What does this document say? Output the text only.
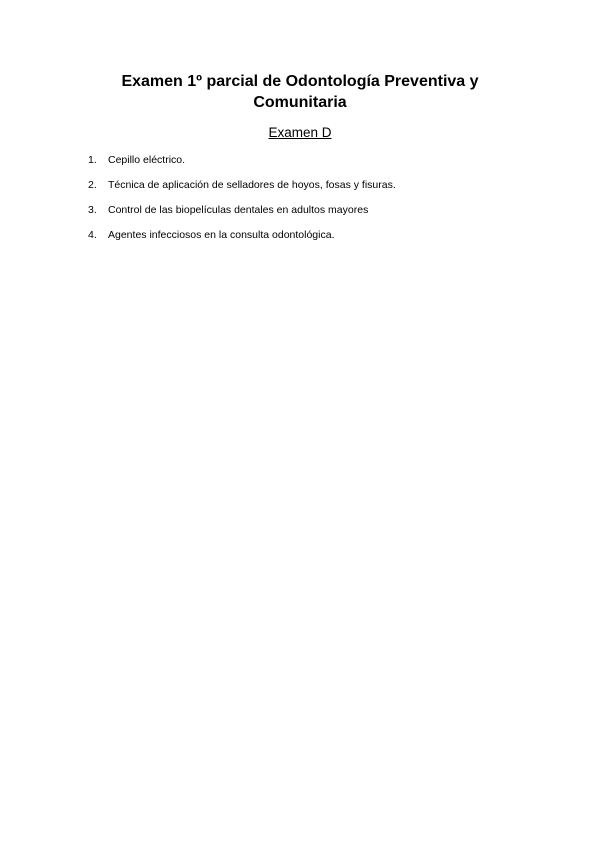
Examen 1º parcial de Odontología Preventiva y Comunitaria
Examen D
1.	Cepillo eléctrico.
2.	Técnica de aplicación de selladores de hoyos, fosas y fisuras.
3.	Control de las biopelículas dentales en adultos mayores
4.	Agentes infecciosos en la consulta odontológica.
